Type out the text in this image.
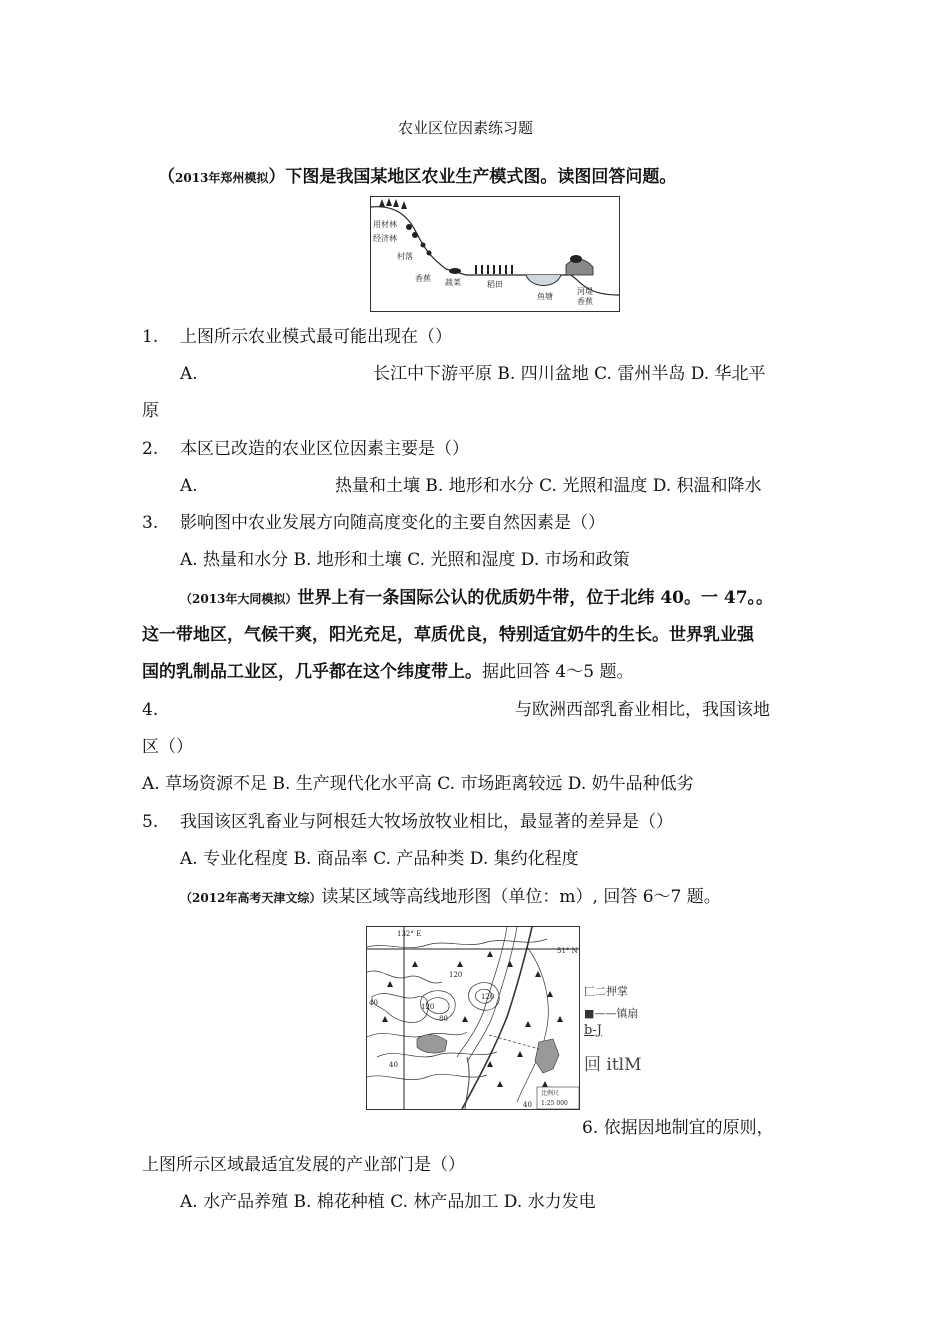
农业区位因素练习题
（2013年郑州模拟）下图是我国某地区农业生产模式图。读图回答问题。
用材林
经济林
村落
香蕉 蔬菜	稻田
鱼塘
河堤
香蕉
1. 上图所示农业模式最可能出现在（）
A.	长江中下游平原 B. 四川盆地 C. 雷州半岛 D. 华北平
原
2. 本区已改造的农业区位因素主要是（）
A.	热量和土壤 B. 地形和水分 C. 光照和温度 D. 积温和降水
3. 影响图中农业发展方向随高度变化的主要自然因素是（）
A. 热量和水分 B. 地形和土壤 C. 光照和湿度 D. 市场和政策
（2013年大同模拟）世界上有一条国际公认的优质奶牛带，位于北纬 40。一 47。。
这一带地区，气候干爽，阳光充足，草质优良，特别适宜奶牛的生长。世界乳业强
国的乳制品工业区，几乎都在这个纬度带上。据此回答 4〜5 题。
4.	与欧洲西部乳畜业相比，我国该地
区（）
A. 草场资源不足 B. 生产现代化水平高 C. 市场距离较远 D. 奶牛品种低劣
5. 我国该区乳畜业与阿根廷大牧场放牧业相比，最显著的差异是（）
A. 专业化程度 B. 商品率 C. 产品种类 D. 集约化程度
（2012年高考天津文综）读某区域等高线地形图（单位：m）, 回答 6〜7 题。
132° E
51° N
120
120
120
80
40
40
40
比例尺
1:25 000
匚二押掌
■——镇扇
b-J
回 itlM
6. 依据因地制宜的原则，
上图所示区域最适宜发展的产业部门是（）
A. 水产品养殖 B. 棉花种植 C. 林产品加工 D. 水力发电
